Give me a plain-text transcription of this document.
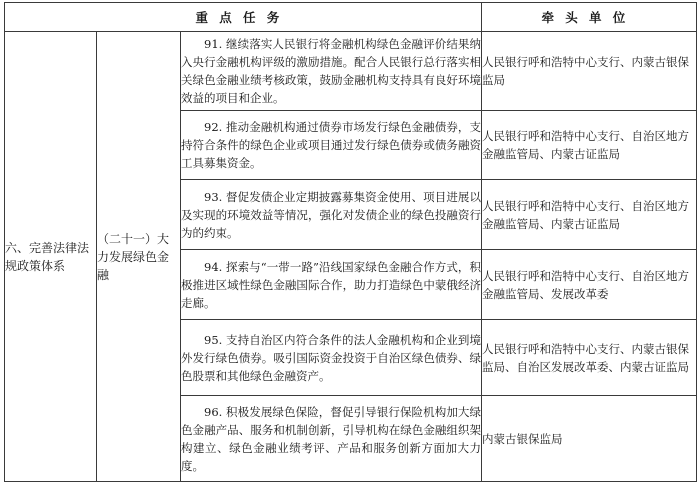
重点任务			牵头单位
六、完善法律法规政策体系	（二十一）大力发展绿色金融	91. 继续落实人民银行将金融机构绿色金融评价结果纳入央行金融机构评级的激励措施。配合人民银行总行落实相关绿色金融业绩考核政策，鼓励金融机构支持具有良好环境效益的项目和企业。	人民银行呼和浩特中心支行、内蒙古银保监局

		92. 推动金融机构通过债券市场发行绿色金融债券，支持符合条件的绿色企业或项目通过发行绿色债券或债务融资工具募集资金。	人民银行呼和浩特中心支行、自治区地方金融监管局、内蒙古证监局

		93. 督促发债企业定期披露募集资金使用、项目进展以及实现的环境效益等情况，强化对发债企业的绿色投融资行为的约束。	人民银行呼和浩特中心支行、自治区地方金融监管局、内蒙古证监局

		94. 探索与“一带一路”沿线国家绿色金融合作方式，积极推进区域性绿色金融国际合作，助力打造绿色中蒙俄经济走廊。	人民银行呼和浩特中心支行、自治区地方金融监管局、发展改革委

		95. 支持自治区内符合条件的法人金融机构和企业到境外发行绿色债券。吸引国际资金投资于自治区绿色债券、绿色股票和其他绿色金融资产。	人民银行呼和浩特中心支行、内蒙古银保监局、自治区发展改革委、内蒙古证监局

		96. 积极发展绿色保险，督促引导银行保险机构加大绿色金融产品、服务和机制创新，引导机构在绿色金融组织架构建立、绿色金融业绩考评、产品和服务创新方面加大力度。	内蒙古银保监局
